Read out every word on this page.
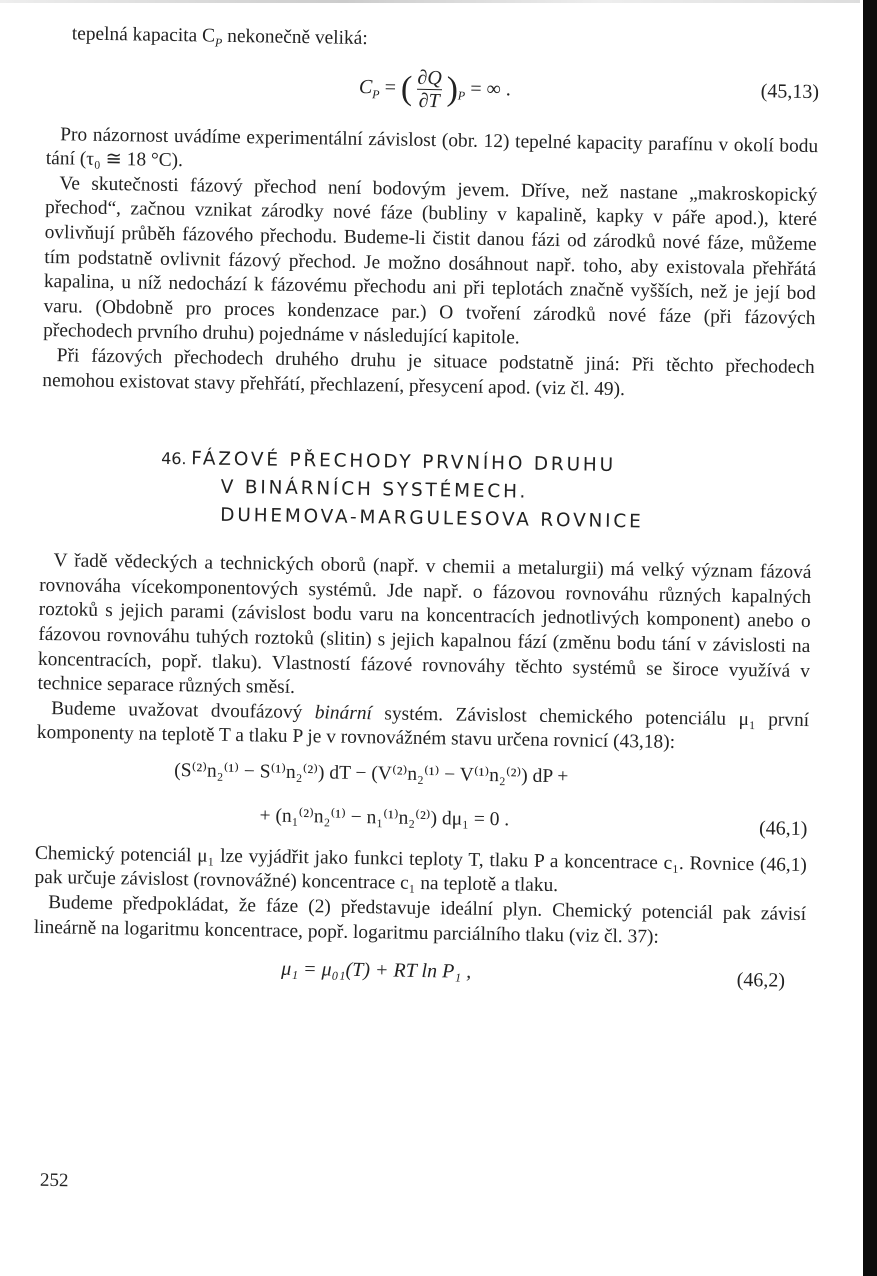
tepelná kapacita $C_P$ nekonečně veliká:
$C_P$ = ( $\frac{\partial Q}{\partial T} )_P$ = ∞ .	(45,13)

Pro názornost uvádíme experimentální závislost (obr. 12) tepelné kapacity parafínu v okolí bodu tání (τ₀ ≅ 18 °C).

Ve skutečnosti fázový přechod není bodovým jevem. Dříve, než nastane „makroskopický přechod“, začnou vznikat zárodky nové fáze (bubliny v kapalině, kapky v páře apod.), které ovlivňují průběh fázového přechodu. Budeme-li čistit danou fázi od zárodků nové fáze, můžeme tím podstatně ovlivnit fázový přechod. Je možno dosáhnout např. toho, aby existovala přehřátá kapalina, u níž nedochází k fázovému přechodu ani při teplotách značně vyšších, než je její bod varu. (Obdobně pro proces kondenzace par.) O tvoření zárodků nové fáze (při fázových přechodech prvního druhu) pojednáme v následující kapitole.

Při fázových přechodech druhého druhu je situace podstatně jiná: Při těchto přechodech nemohou existovat stavy přehřátí, přechlazení, přesycení apod. (viz čl. 49).

46. FÁZOVÉ PŘECHODY PRVNÍHO DRUHU
V BINÁRNÍCH SYSTÉMECH.
DUHEMOVA-MARGULESOVA ROVNICE

V řadě vědeckých a technických oborů (např. v chemii a metalurgii) má velký význam fázová rovnováha vícekomponentových systémů. Jde např. o fázovou rovnováhu různých kapalných roztoků s jejich parami (závislost bodu varu na koncentracích jednotlivých komponent) anebo o fázovou rovnováhu tuhých roztoků (slitin) s jejich kapalnou fází (změnu bodu tání v závislosti na koncentracích, popř. tlaku). Vlastností fázové rovnováhy těchto systémů se široce využívá v technice separace různých směsí.

Budeme uvažovat dvoufázový binární systém. Závislost chemického potenciálu μ₁ první komponenty na teplotě T a tlaku P je v rovnovážném stavu určena rovnicí (43,18):

(S⁽²⁾n₂⁽¹⁾ − S⁽¹⁾n₂⁽²⁾) dT − (V⁽²⁾n₂⁽¹⁾ − V⁽¹⁾n₂⁽²⁾) dP +
+ (n₁⁽²⁾n₂⁽¹⁾ − n₁⁽¹⁾n₂⁽²⁾) dμ₁ = 0 .	(46,1)

Chemický potenciál μ₁ lze vyjádřit jako funkci teploty T, tlaku P a koncentrace c₁. Rovnice (46,1) pak určuje závislost (rovnovážné) koncentrace c₁ na teplotě a tlaku.

Budeme předpokládat, že fáze (2) představuje ideální plyn. Chemický potenciál pak závisí lineárně na logaritmu koncentrace, popř. logaritmu parciálního tlaku (viz čl. 37):

μ₁ = μ₀₁(T) + RT ln P₁ ,	(46,2)
252
